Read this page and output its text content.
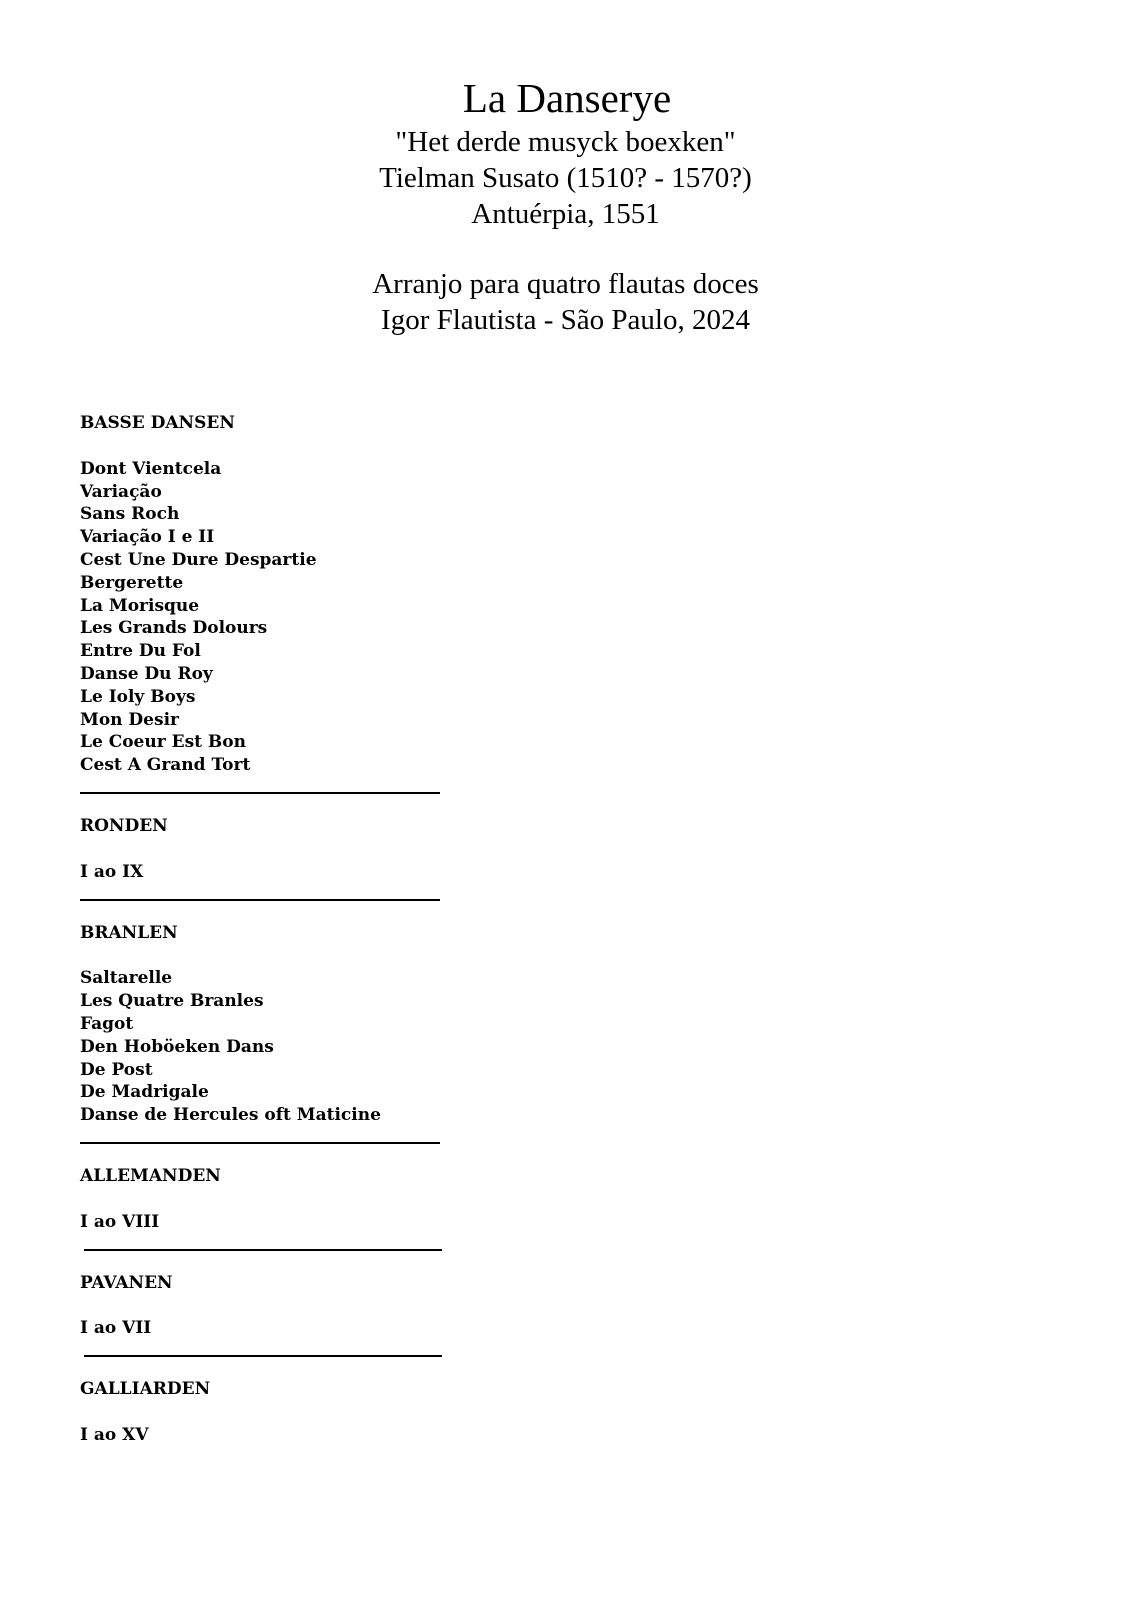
La Danserye

"Het derde musyck boexken"

Tielman Susato (1510? - 1570?)

Antuérpia, 1551

Arranjo para quatro flautas doces

Igor Flautista - São Paulo, 2024

BASSE DANSEN

Dont Vientcela

Variação

Sans Roch

Variação I e II

Cest Une Dure Despartie

Bergerette

La Morisque

Les Grands Dolours

Entre Du Fol

Danse Du Roy

Le Ioly Boys

Mon Desir

Le Coeur Est Bon

Cest A Grand Tort

RONDEN

I ao IX

BRANLEN

Saltarelle

Les Quatre Branles

Fagot

Den Hoböeken Dans

De Post

De Madrigale

Danse de Hercules oft Maticine

ALLEMANDEN

I ao VIII

PAVANEN

I ao VII

GALLIARDEN

I ao XV
